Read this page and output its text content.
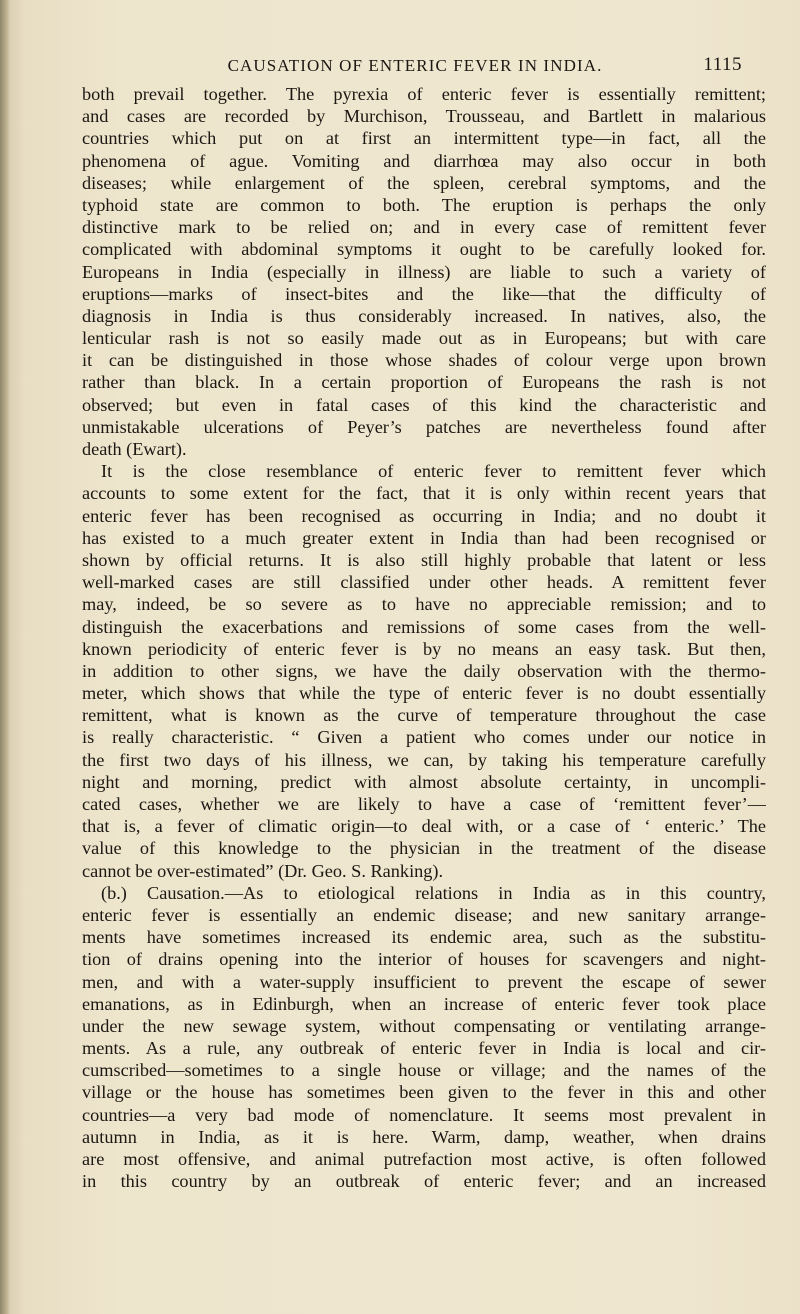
CAUSATION OF ENTERIC FEVER IN INDIA.	1115
both prevail together. The pyrexia of enteric fever is essentially remittent;
and cases are recorded by Murchison, Trousseau, and Bartlett in malarious
countries which put on at first an intermittent type—in fact, all the
phenomena of ague. Vomiting and diarrhœa may also occur in both
diseases; while enlargement of the spleen, cerebral symptoms, and the
typhoid state are common to both. The eruption is perhaps the only
distinctive mark to be relied on; and in every case of remittent fever
complicated with abdominal symptoms it ought to be carefully looked for.
Europeans in India (especially in illness) are liable to such a variety of
eruptions—marks of insect-bites and the like—that the difficulty of
diagnosis in India is thus considerably increased. In natives, also, the
lenticular rash is not so easily made out as in Europeans; but with care
it can be distinguished in those whose shades of colour verge upon brown
rather than black. In a certain proportion of Europeans the rash is not
observed; but even in fatal cases of this kind the characteristic and
unmistakable ulcerations of Peyer’s patches are nevertheless found after
death (Ewart).
It is the close resemblance of enteric fever to remittent fever which
accounts to some extent for the fact, that it is only within recent years that
enteric fever has been recognised as occurring in India; and no doubt it
has existed to a much greater extent in India than had been recognised or
shown by official returns. It is also still highly probable that latent or less
well-marked cases are still classified under other heads. A remittent fever
may, indeed, be so severe as to have no appreciable remission; and to
distinguish the exacerbations and remissions of some cases from the well-
known periodicity of enteric fever is by no means an easy task. But then,
in addition to other signs, we have the daily observation with the thermo-
meter, which shows that while the type of enteric fever is no doubt essentially
remittent, what is known as the curve of temperature throughout the case
is really characteristic. “ Given a patient who comes under our notice in
the first two days of his illness, we can, by taking his temperature carefully
night and morning, predict with almost absolute certainty, in uncompli-
cated cases, whether we are likely to have a case of ‘remittent fever’—
that is, a fever of climatic origin—to deal with, or a case of ‘ enteric.’ The
value of this knowledge to the physician in the treatment of the disease
cannot be over-estimated” (Dr. Geo. S. Ranking).
(b.) Causation.—As to etiological relations in India as in this country,
enteric fever is essentially an endemic disease; and new sanitary arrange-
ments have sometimes increased its endemic area, such as the substitu-
tion of drains opening into the interior of houses for scavengers and night-
men, and with a water-supply insufficient to prevent the escape of sewer
emanations, as in Edinburgh, when an increase of enteric fever took place
under the new sewage system, without compensating or ventilating arrange-
ments. As a rule, any outbreak of enteric fever in India is local and cir-
cumscribed—sometimes to a single house or village; and the names of the
village or the house has sometimes been given to the fever in this and other
countries—a very bad mode of nomenclature. It seems most prevalent in
autumn in India, as it is here. Warm, damp, weather, when drains
are most offensive, and animal putrefaction most active, is often followed
in this country by an outbreak of enteric fever; and an increased
